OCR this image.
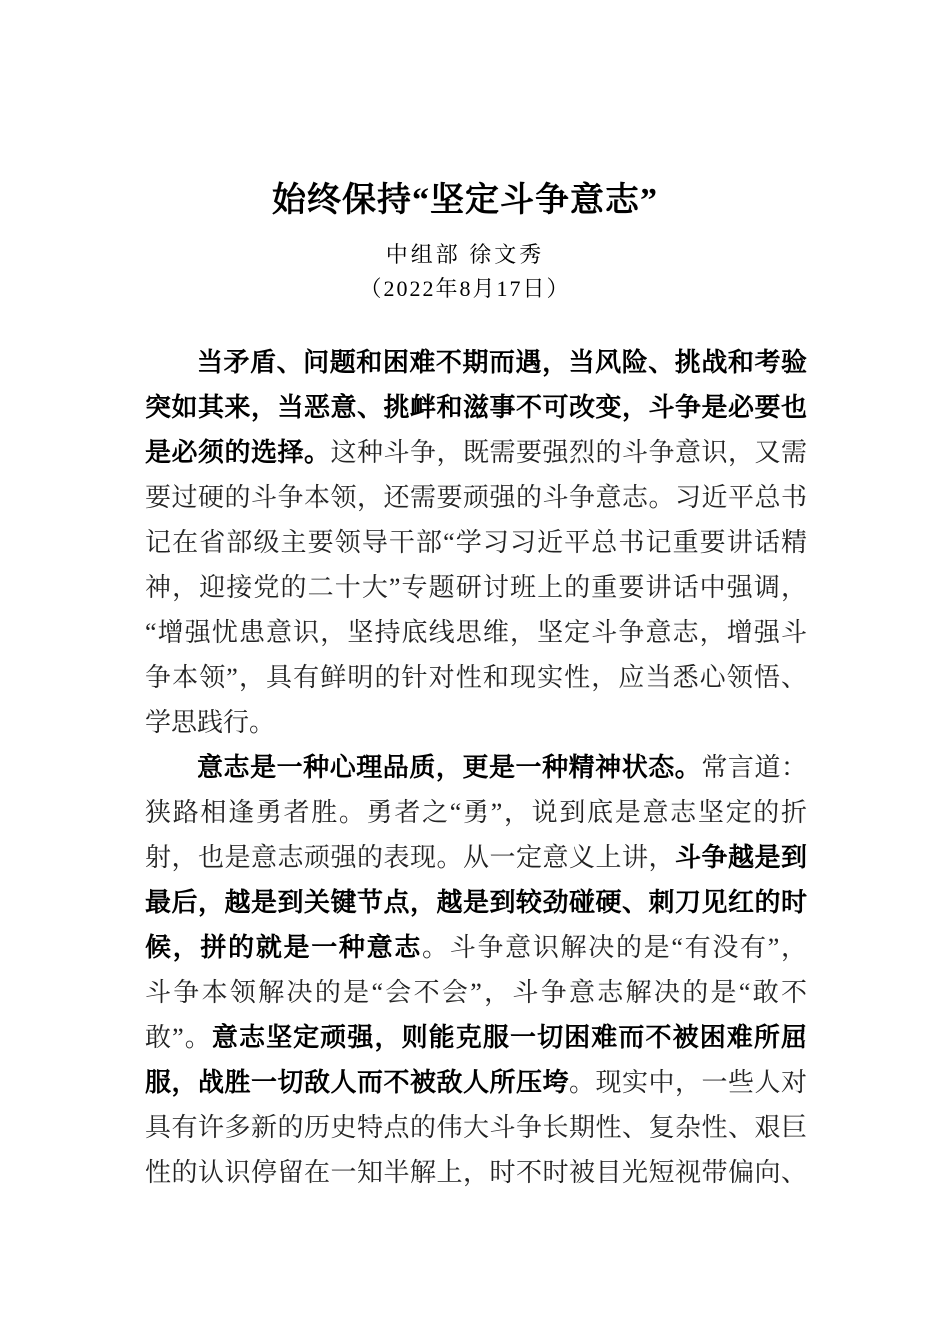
始终保持“坚定斗争意志”
中组部 徐文秀
（2022年8月17日）
当矛盾、问题和困难不期而遇，当风险、挑战和考验
突如其来，当恶意、挑衅和滋事不可改变，斗争是必要也
是必须的选择。这种斗争，既需要强烈的斗争意识，又需
要过硬的斗争本领，还需要顽强的斗争意志。习近平总书
记在省部级主要领导干部“学习习近平总书记重要讲话精
神，迎接党的二十大”专题研讨班上的重要讲话中强调，
“增强忧患意识，坚持底线思维，坚定斗争意志，增强斗
争本领”，具有鲜明的针对性和现实性，应当悉心领悟、
学思践行。
意志是一种心理品质，更是一种精神状态。常言道：
狭路相逢勇者胜。勇者之“勇”，说到底是意志坚定的折
射，也是意志顽强的表现。从一定意义上讲，斗争越是到
最后，越是到关键节点，越是到较劲碰硬、刺刀见红的时
候，拼的就是一种意志。斗争意识解决的是“有没有”，
斗争本领解决的是“会不会”，斗争意志解决的是“敢不
敢”。意志坚定顽强，则能克服一切困难而不被困难所屈
服，战胜一切敌人而不被敌人所压垮。现实中，一些人对
具有许多新的历史特点的伟大斗争长期性、复杂性、艰巨
性的认识停留在一知半解上，时不时被目光短视带偏向、
